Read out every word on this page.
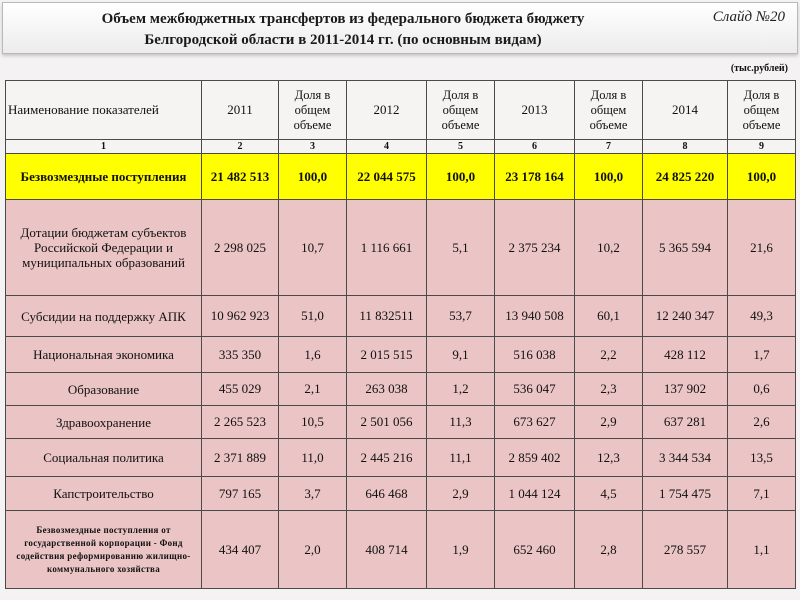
Объем межбюджетных трансфертов из федерального бюджета бюджету
Белгородской области в 2011-2014 гг. (по основным видам)
Слайд №20
(тыс.рублей)
Наименование показателей	2011	Доля в общем объеме	2012	Доля в общем объеме	2013	Доля в общем объеме	2014	Доля в общем объеме
1	2	3	4	5	6	7	8	9
Безвозмездные поступления	21 482 513	100,0	22 044 575	100,0	23 178 164	100,0	24 825 220	100,0
Дотации бюджетам субъектов Российской Федерации и муниципальных образований	2 298 025	10,7	1 116 661	5,1	2 375 234	10,2	5 365 594	21,6
Субсидии на поддержку АПК	10 962 923	51,0	11 832511	53,7	13 940 508	60,1	12 240 347	49,3
Национальная экономика	335 350	1,6	2 015 515	9,1	516 038	2,2	428 112	1,7
Образование	455 029	2,1	263 038	1,2	536 047	2,3	137 902	0,6
Здравоохранение	2 265 523	10,5	2 501 056	11,3	673 627	2,9	637 281	2,6
Социальная политика	2 371 889	11,0	2 445 216	11,1	2 859 402	12,3	3 344 534	13,5
Капстроительство	797 165	3,7	646 468	2,9	1 044 124	4,5	1 754 475	7,1
Безвозмездные поступления от государственной корпорации - Фонд содействия реформированию жилищно-коммунального хозяйства	434 407	2,0	408 714	1,9	652 460	2,8	278 557	1,1
